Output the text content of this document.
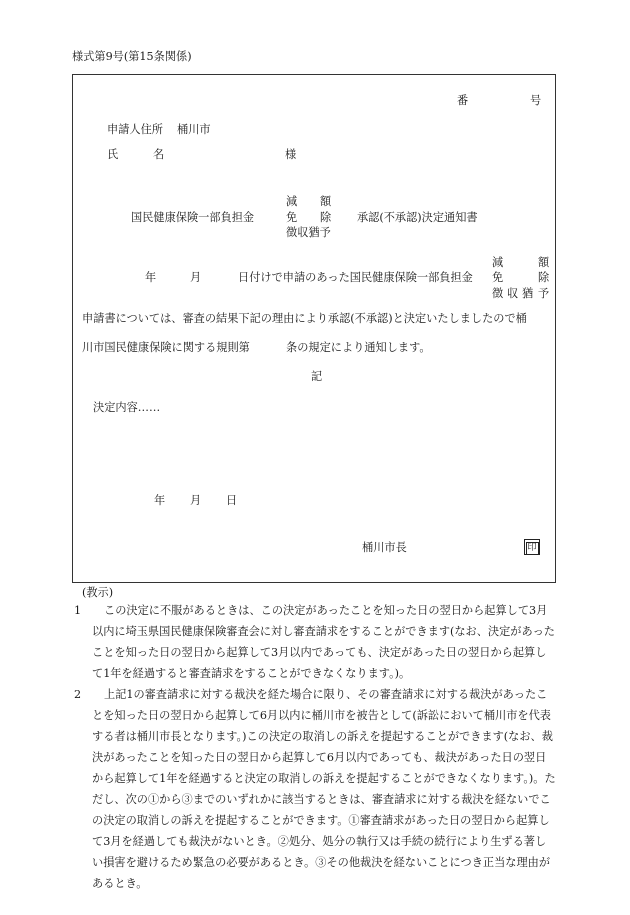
様式第9号(第15条関係)
番	号
申請人住所 桶川市
氏	名	様
減 額
国民健康保険一部負担金	免 除 承認(不承認)決定通知書
徴収猶予
減	額
年	月	日付けで申請のあった国民健康保険一部負担金 免	除
徴 収 猶 予
申請書については、審査の結果下記の理由により承認(不承認)と決定いたしましたので桶
川市国民健康保険に関する規則第	条の規定により通知します。
記
決定内容……
年 月 日
桶川市長	印
(教示)
1	この決定に不服があるときは、この決定があったことを知った日の翌日から起算して3月以内に埼玉県国民健康保険審査会に対し審査請求をすることができます(なお、決定があったことを知った日の翌日から起算して3月以内であっても、決定があった日の翌日から起算して1年を経過すると審査請求をすることができなくなります。)。
2	上記1の審査請求に対する裁決を経た場合に限り、その審査請求に対する裁決があったことを知った日の翌日から起算して6月以内に桶川市を被告として(訴訟において桶川市を代表する者は桶川市長となります。)この決定の取消しの訴えを提起することができます(なお、裁決があったことを知った日の翌日から起算して6月以内であっても、裁決があった日の翌日から起算して1年を経過すると決定の取消しの訴えを提起することができなくなります。)。ただし、次の①から③までのいずれかに該当するときは、審査請求に対する裁決を経ないでこの決定の取消しの訴えを提起することができます。①審査請求があった日の翌日から起算して3月を経過しても裁決がないとき。②処分、処分の執行又は手続の続行により生ずる著しい損害を避けるため緊急の必要があるとき。③その他裁決を経ないことにつき正当な理由があるとき。
